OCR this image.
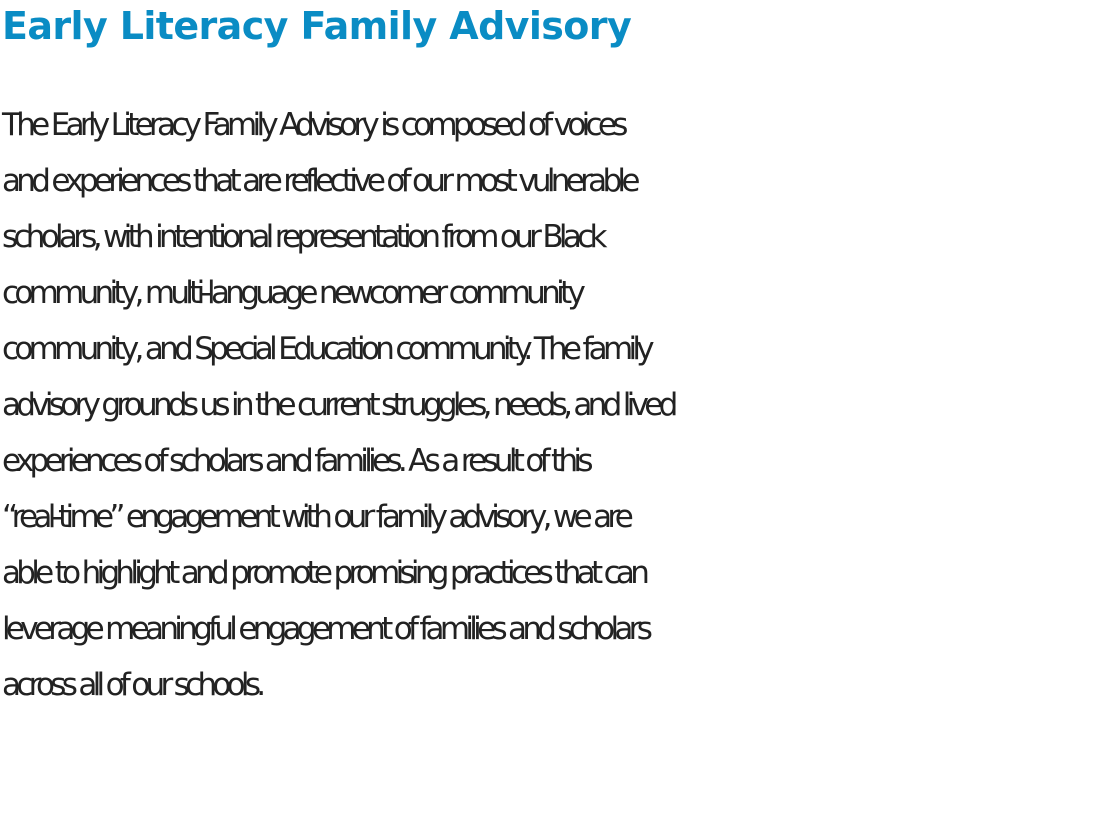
Early Literacy Family Advisory

The Early Literacy Family Advisory is composed of voices
and experiences that are reflective of our most vulnerable
scholars, with intentional representation from our Black
community, multi-language newcomer community
community, and Special Education community. The family
advisory grounds us in the current struggles, needs, and lived
experiences of scholars and families. As a result of this
“real-time” engagement with our family advisory, we are
able to highlight and promote promising practices that can
leverage meaningful engagement of families and scholars
across all of our schools.
